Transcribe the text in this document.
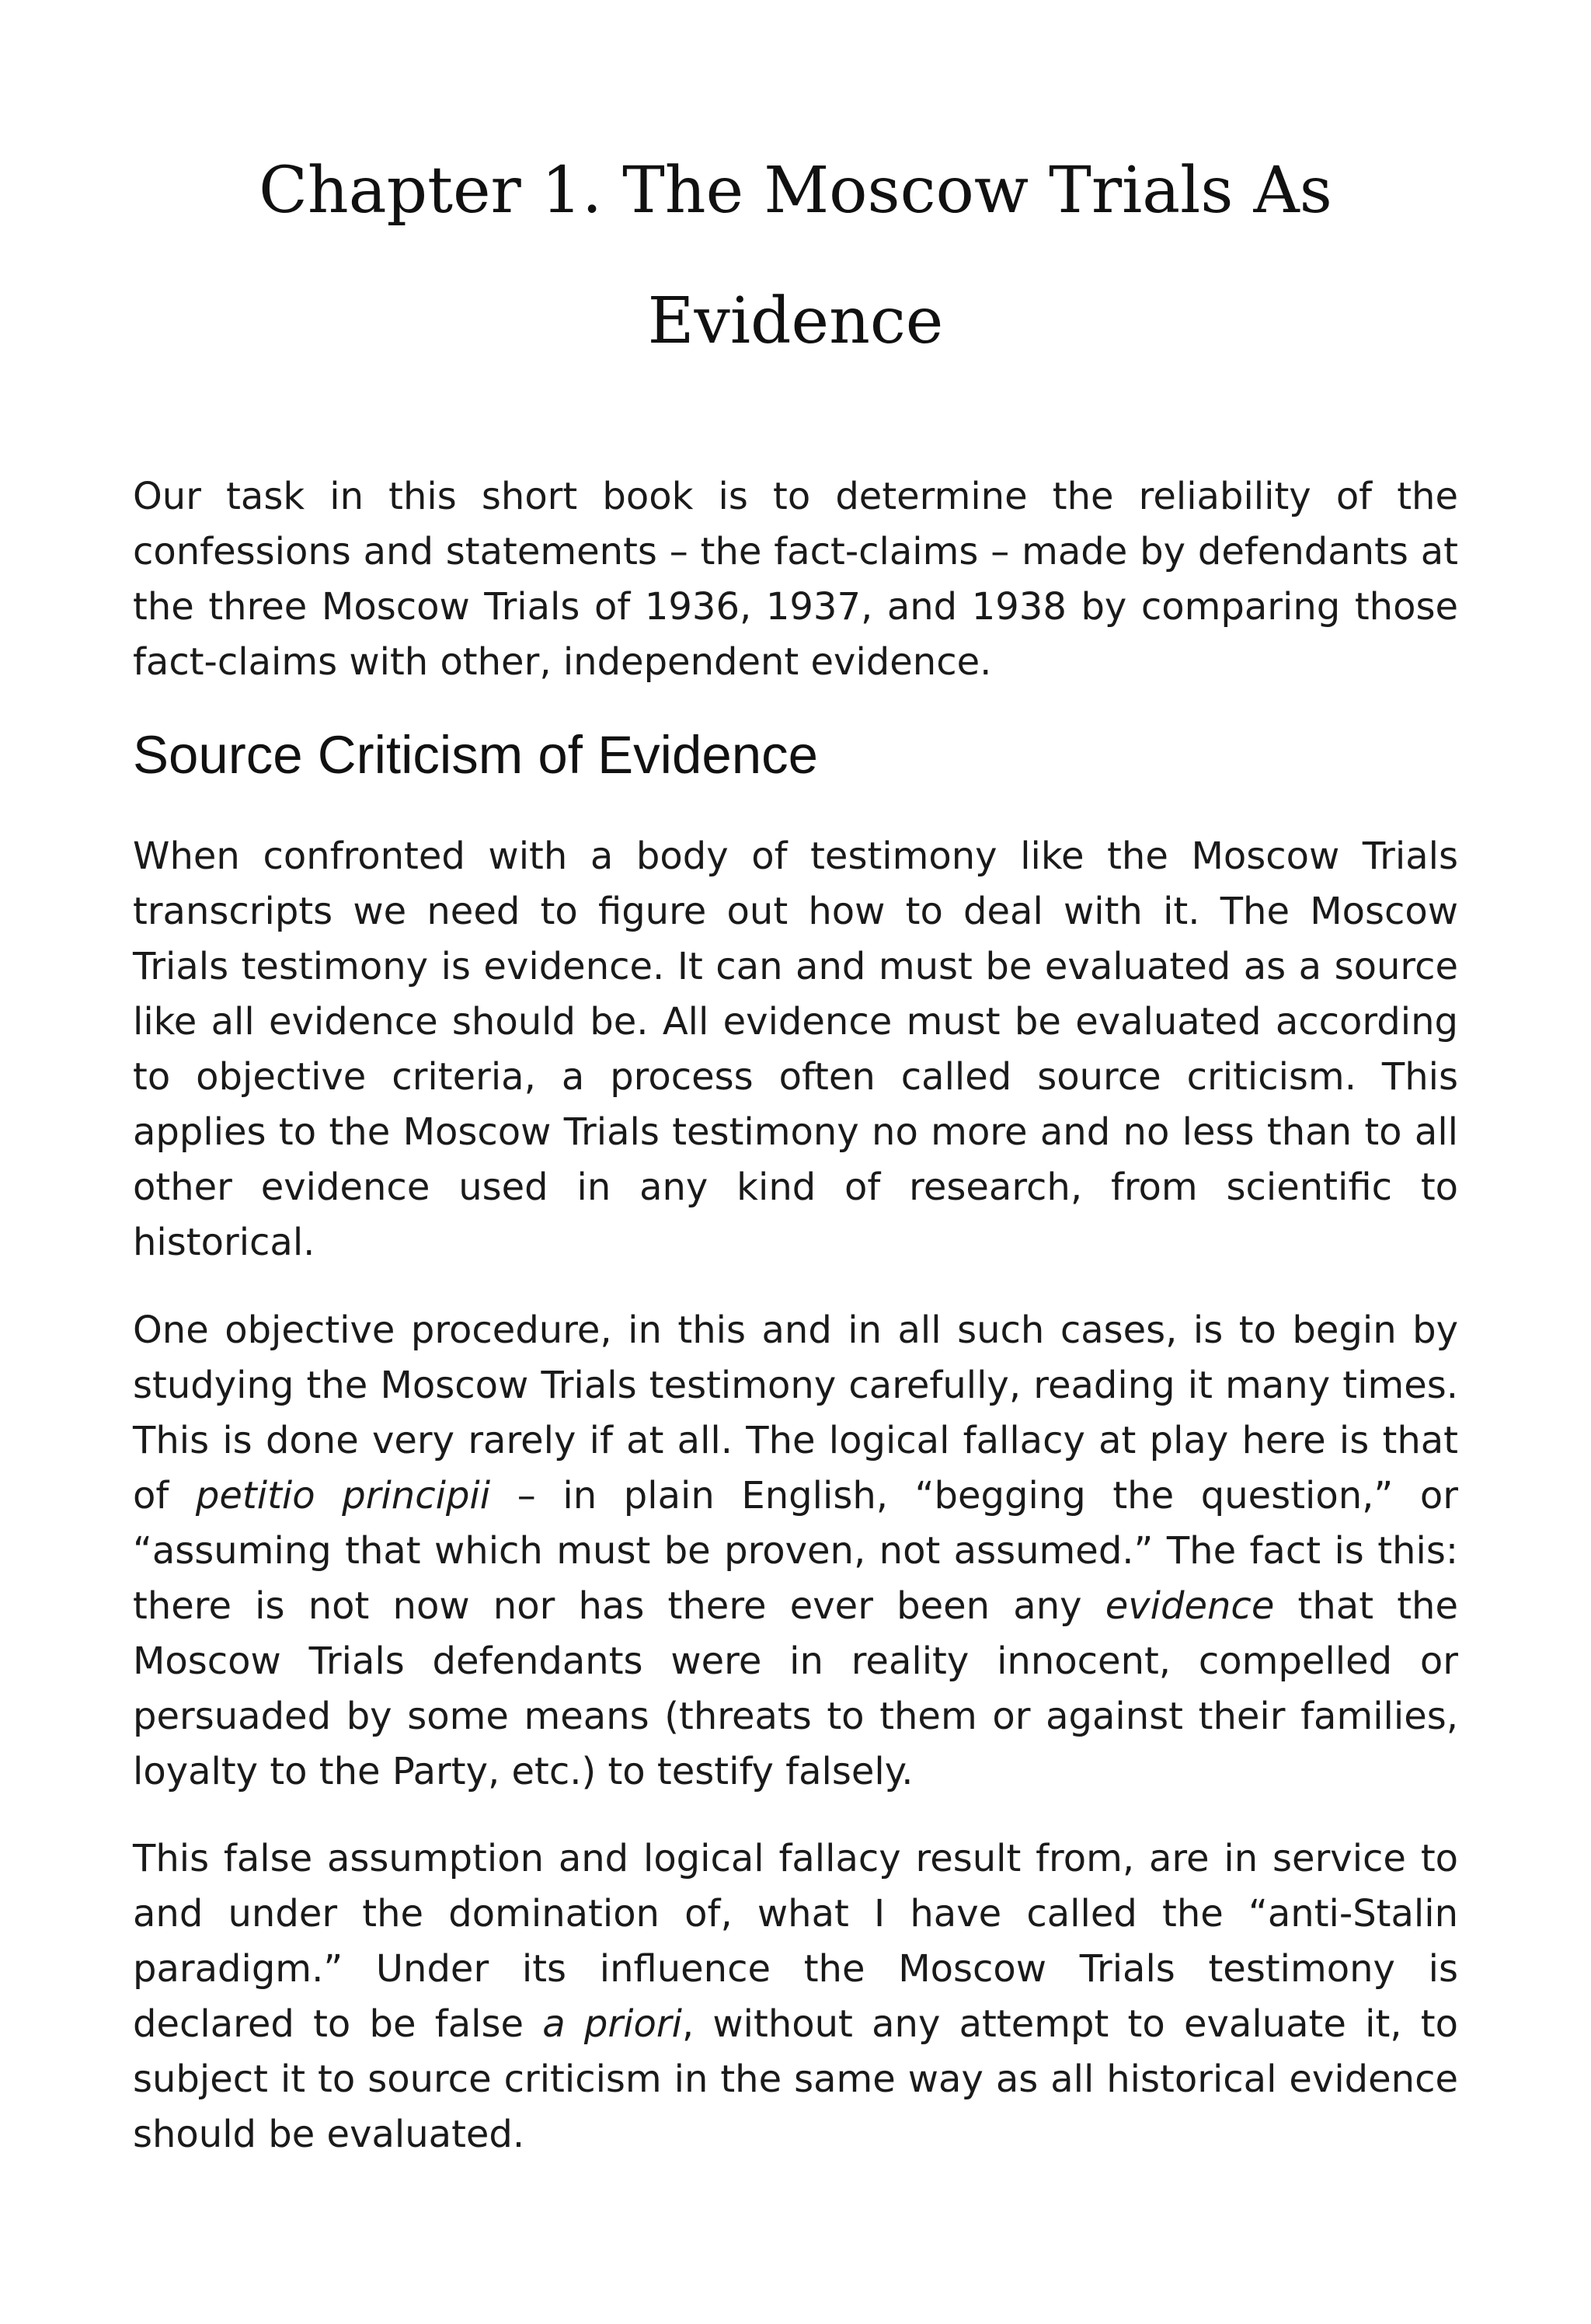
Chapter 1. The Moscow Trials As
Evidence

Our task in this short book is to determine the reliability of the confessions and statements – the fact-claims – made by defendants at the three Moscow Trials of 1936, 1937, and 1938 by comparing those fact-claims with other, independent evidence.

Source Criticism of Evidence

When confronted with a body of testimony like the Moscow Trials transcripts we need to figure out how to deal with it. The Moscow Trials testimony is evidence. It can and must be evaluated as a source like all evidence should be. All evidence must be evaluated according to objective criteria, a process often called source criticism. This applies to the Moscow Trials testimony no more and no less than to all other evidence used in any kind of research, from scientific to historical.

One objective procedure, in this and in all such cases, is to begin by studying the Moscow Trials testimony carefully, reading it many times. This is done very rarely if at all. The logical fallacy at play here is that of petitio principii – in plain English, “begging the question,” or “assuming that which must be proven, not assumed.” The fact is this: there is not now nor has there ever been any evidence that the Moscow Trials defendants were in reality innocent, compelled or persuaded by some means (threats to them or against their families, loyalty to the Party, etc.) to testify falsely.

This false assumption and logical fallacy result from, are in service to and under the domination of, what I have called the “anti-Stalin paradigm.” Under its influence the Moscow Trials testimony is declared to be false a priori, without any attempt to evaluate it, to subject it to source criticism in the same way as all historical evidence should be evaluated.
